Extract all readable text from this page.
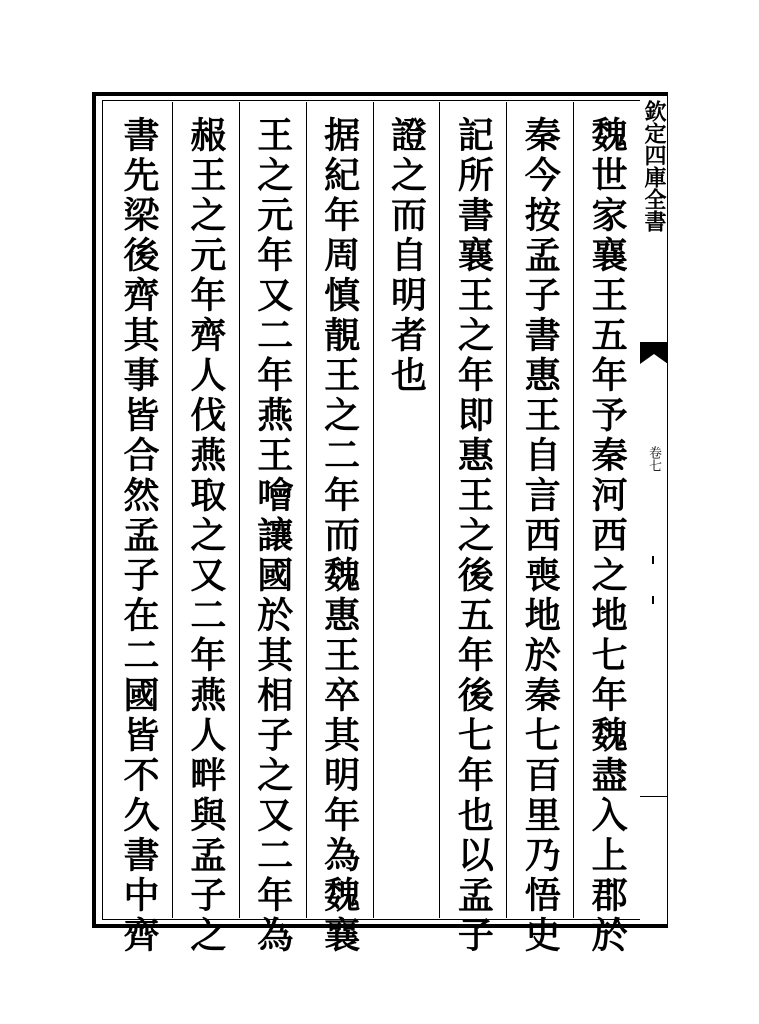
魏世家襄王五年予秦河西之地七年魏盡入上郡於
秦今按孟子書惠王自言西喪地於秦七百里乃悟史
記所書襄王之年即惠王之後五年後七年也以孟子
證之而自明者也
据紀年周慎靚王之二年而魏惠王卒其明年為魏襄
王之元年又二年燕王噲讓國於其相子之又二年為
赧王之元年齊人伐燕取之又二年燕人畔與孟子之
書先梁後齊其事皆合然孟子在二國皆不久書中齊	欽定四庫全書
卷七
